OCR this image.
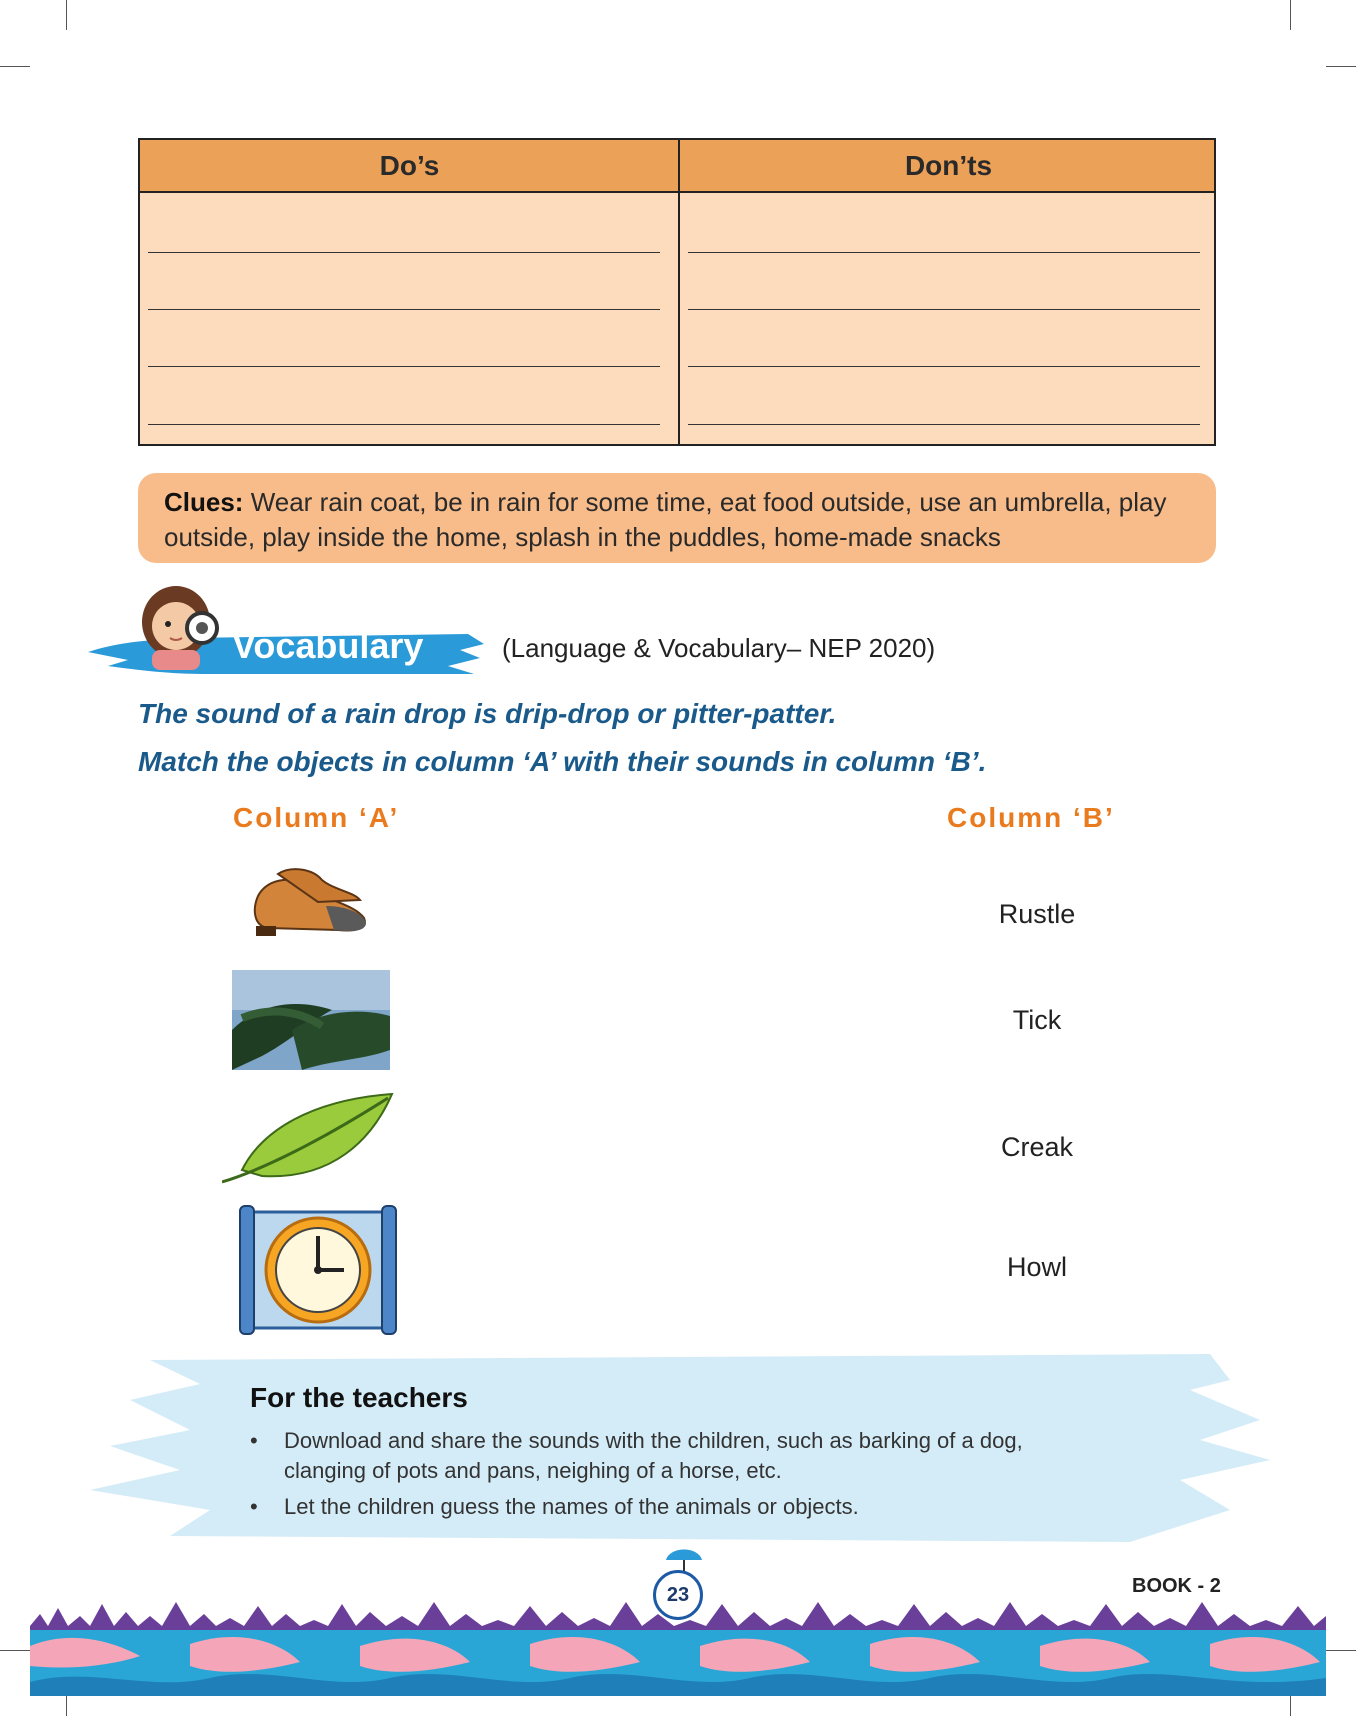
Do’s	Don’ts
Clues: Wear rain coat, be in rain for some time, eat food outside, use an umbrella, play outside, play inside the home, splash in the puddles, home-made snacks
Vocabulary	(Language & Vocabulary– NEP 2020)
The sound of a rain drop is drip-drop or pitter-patter.
Match the objects in column ‘A’ with their sounds in column ‘B’.
Column ‘A’	Column ‘B’
Rustle
Tick
Creak
Howl
For the teachers
• Download and share the sounds with the children, such as barking of a dog, clanging of pots and pans, neighing of a horse, etc.
• Let the children guess the names of the animals or objects.
23	BOOK - 2
